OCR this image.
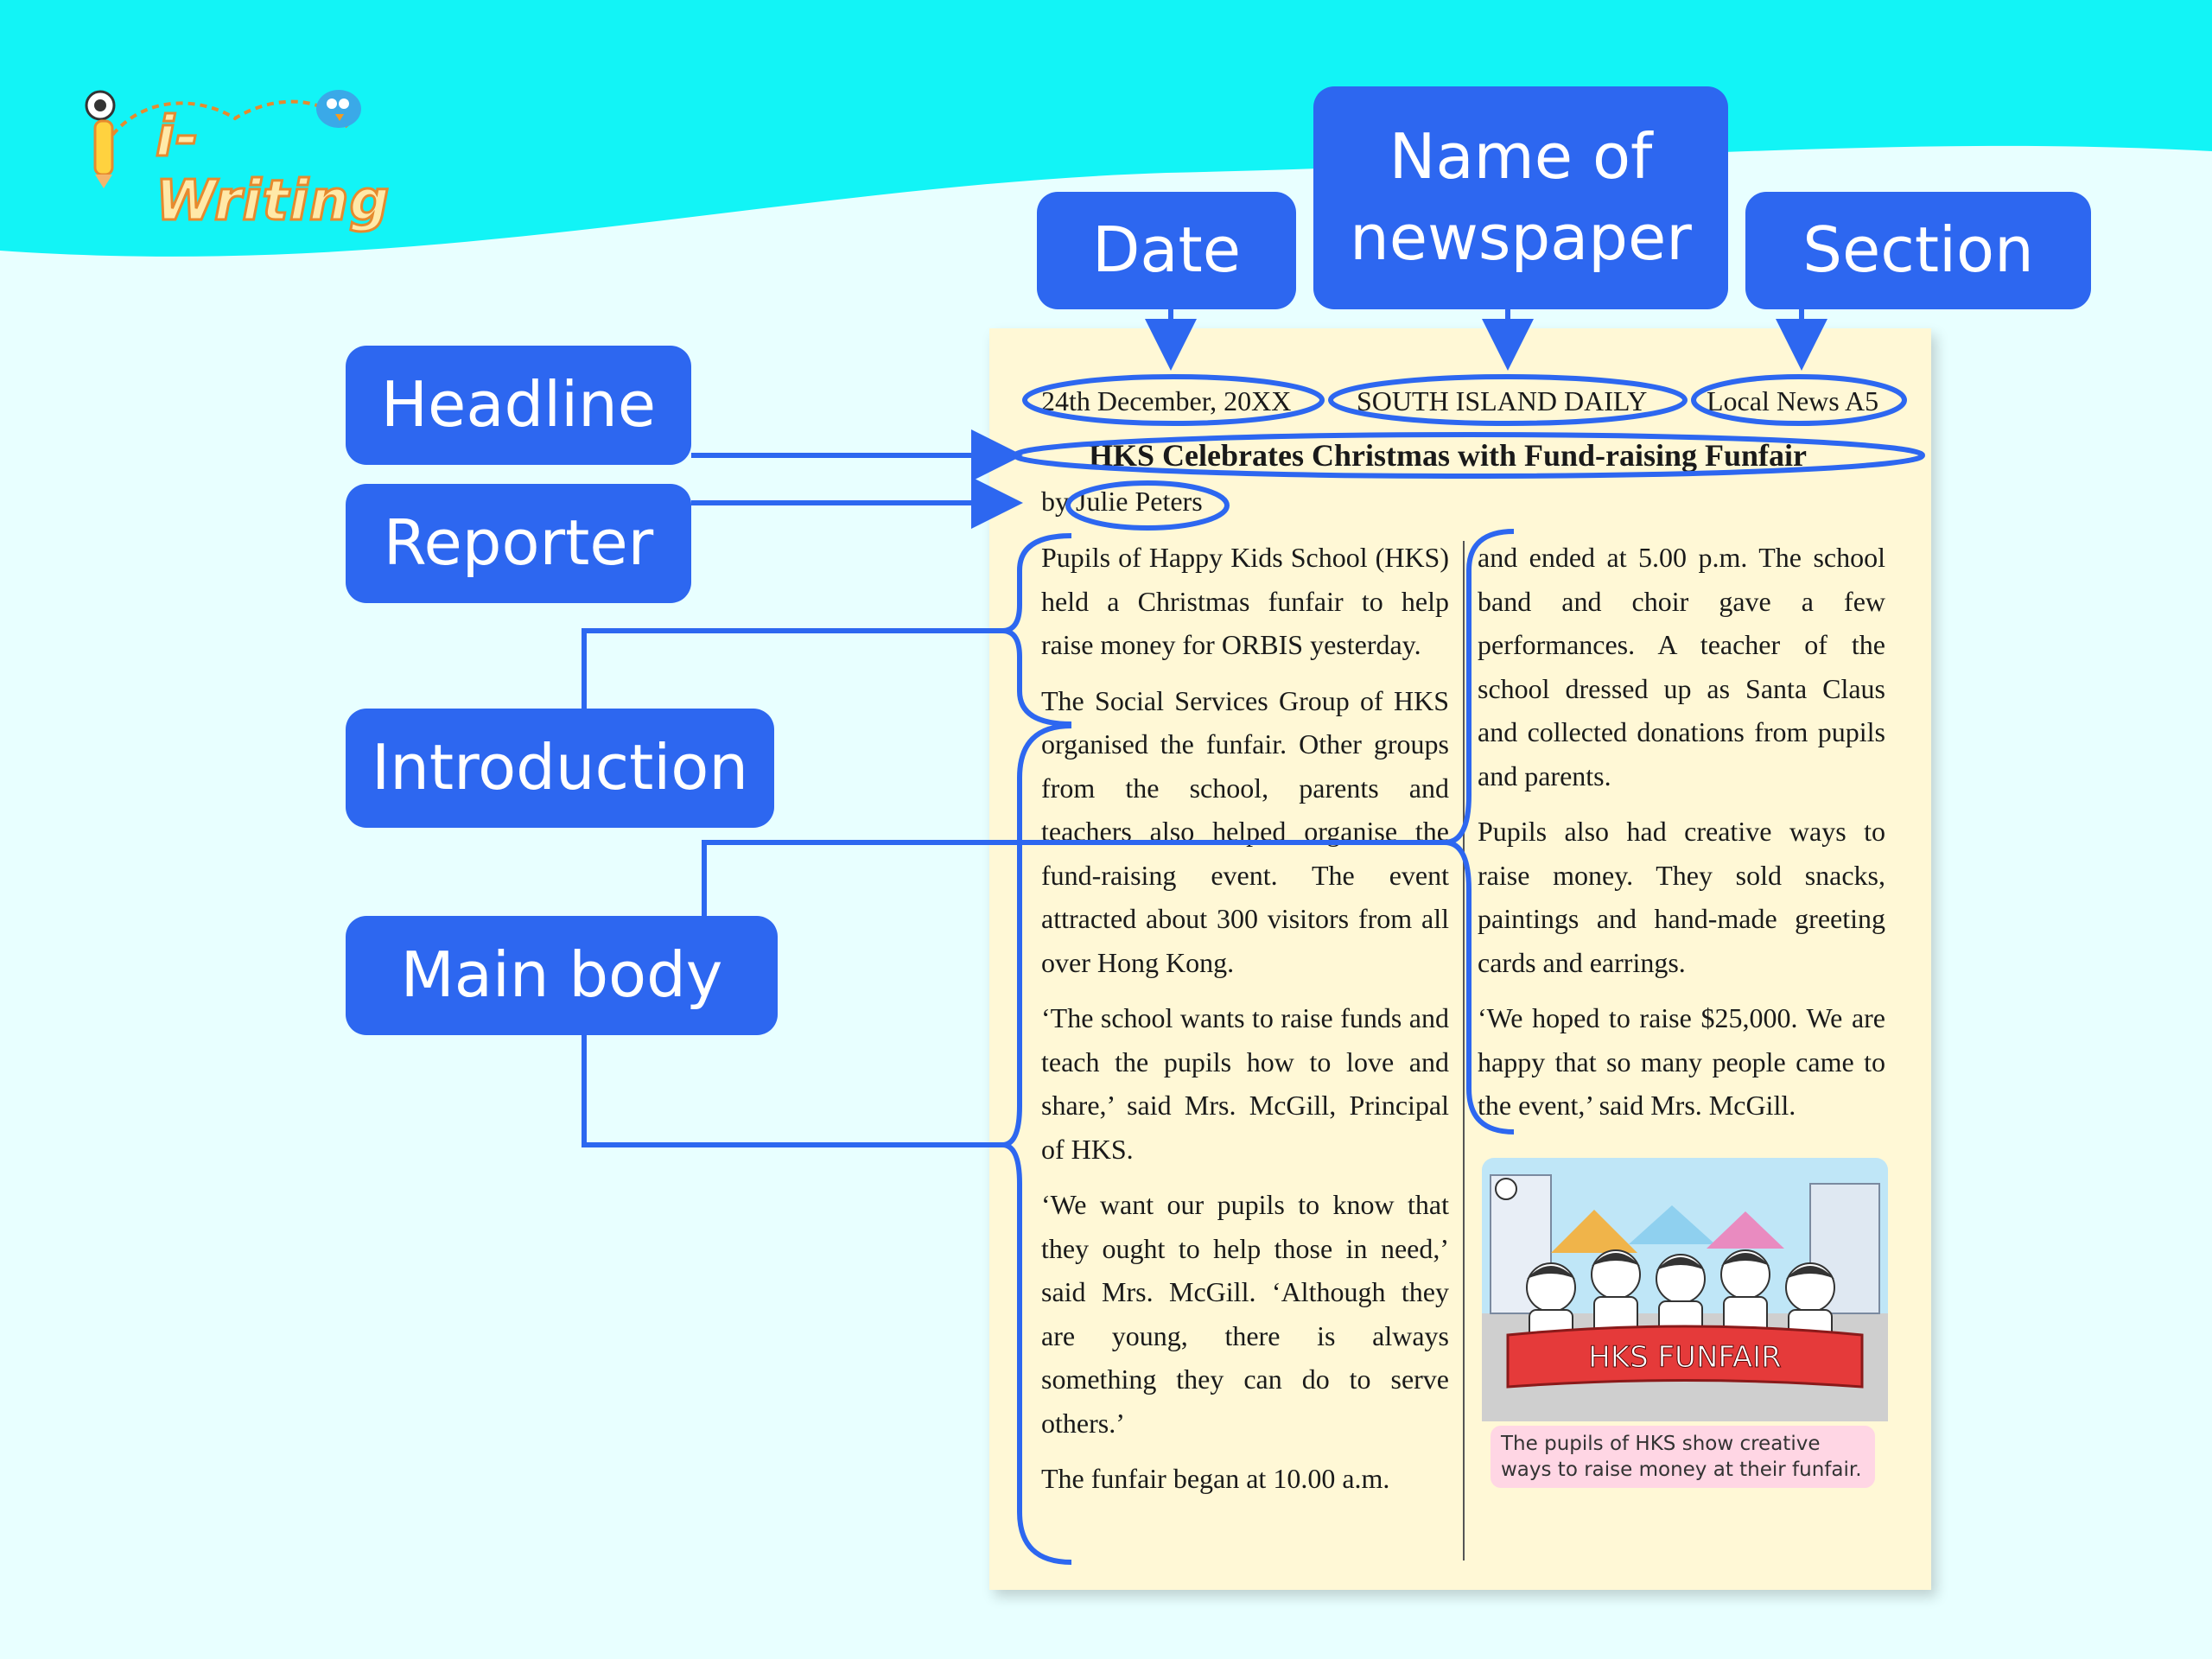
i-Writing
Date
Name of
newspaper Section
Headline
Reporter
Introduction
Main body
24th December, 20XX SOUTH ISLAND DAILY Local News A5
HKS Celebrates Christmas with Fund-raising Funfair
by Julie Peters

Pupils of Happy Kids School (HKS) held a Christmas funfair to help raise money for ORBIS yesterday.

The Social Services Group of HKS organised the funfair. Other groups from the school, parents and teachers also helped organise the fund-raising event. The event attracted about 300 visitors from all over Hong Kong.

‘The school wants to raise funds and teach the pupils how to love and share,’ said Mrs. McGill, Principal of HKS.

‘We want our pupils to know that they ought to help those in need,’ said Mrs. McGill. ‘Although they are young, there is always something they can do to serve others.’

The funfair began at 10.00 a.m.

and ended at 5.00 p.m. The school band and choir gave a few performances. A teacher of the school dressed up as Santa Claus and collected donations from pupils and parents.

Pupils also had creative ways to raise money. They sold snacks, paintings and hand-made greeting cards and earrings.

‘We hoped to raise $25,000. We are happy that so many people came to the event,’ said Mrs. McGill.

HKS FUNFAIR
The pupils of HKS show creative ways to raise money at their funfair.
